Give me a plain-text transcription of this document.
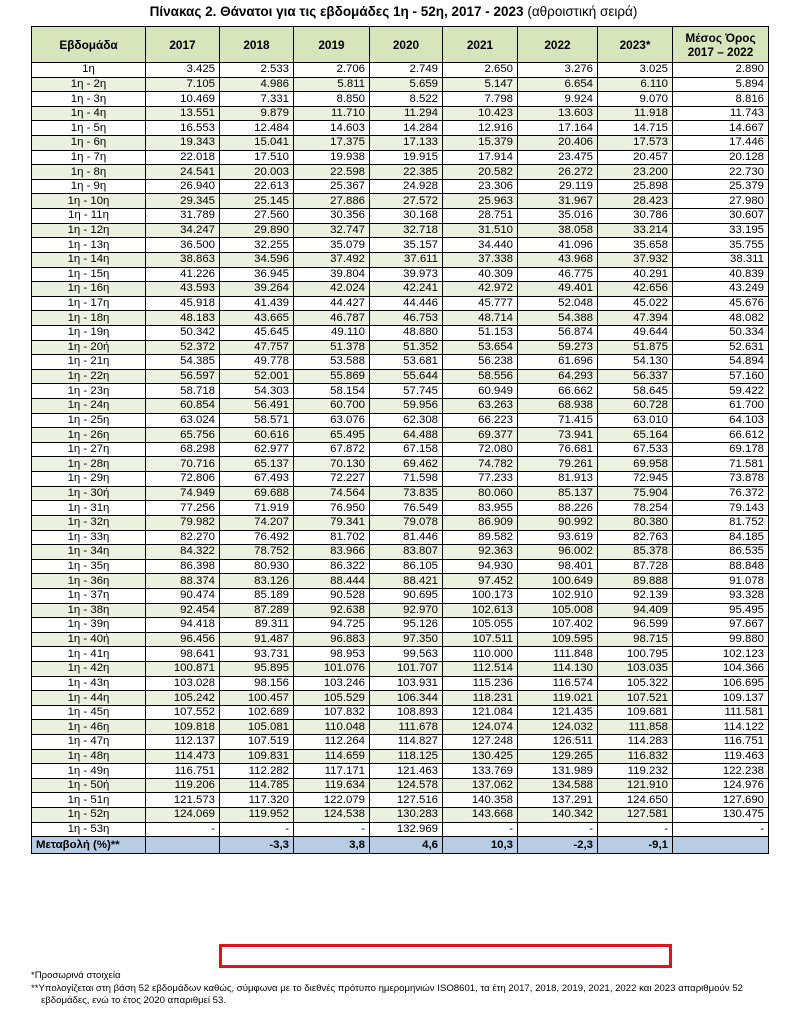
Πίνακας 2. Θάνατοι για τις εβδομάδες 1η - 52η, 2017 - 2023 (αθροιστική σειρά)
Εβδομάδα	2017	2018	2019	2020	2021	2022	2023*	Μέσος Όρος 2017 – 2022
1η	3.425	2.533	2.706	2.749	2.650	3.276	3.025	2.890
1η - 2η	7.105	4.986	5.811	5.659	5.147	6.654	6.110	5.894
1η - 3η	10.469	7.331	8.850	8.522	7.798	9.924	9.070	8.816
1η - 4η	13.551	9.879	11.710	11.294	10.423	13.603	11.918	11.743
1η - 5η	16.553	12.484	14.603	14.284	12.916	17.164	14.715	14.667
1η - 6η	19.343	15.041	17.375	17.133	15.379	20.406	17.573	17.446
1η - 7η	22.018	17.510	19.938	19.915	17.914	23.475	20.457	20.128
1η - 8η	24.541	20.003	22.598	22.385	20.582	26.272	23.200	22.730
1η - 9η	26.940	22.613	25.367	24.928	23.306	29.119	25.898	25.379
1η - 10η	29.345	25.145	27.886	27.572	25.963	31.967	28.423	27.980
1η - 11η	31.789	27.560	30.356	30.168	28.751	35.016	30.786	30.607
1η - 12η	34.247	29.890	32.747	32.718	31.510	38.058	33.214	33.195
1η - 13η	36.500	32.255	35.079	35.157	34.440	41.096	35.658	35.755
1η - 14η	38.863	34.596	37.492	37.611	37.338	43.968	37.932	38.311
1η - 15η	41.226	36.945	39.804	39.973	40.309	46.775	40.291	40.839
1η - 16η	43.593	39.264	42.024	42.241	42.972	49.401	42.656	43.249
1η - 17η	45.918	41.439	44.427	44.446	45.777	52.048	45.022	45.676
1η - 18η	48.183	43.665	46.787	46.753	48.714	54.388	47.394	48.082
1η - 19η	50.342	45.645	49.110	48.880	51.153	56.874	49.644	50.334
1η - 20ή	52.372	47.757	51.378	51.352	53.654	59.273	51.875	52.631
1η - 21η	54.385	49.778	53.588	53.681	56.238	61.696	54.130	54.894
1η - 22η	56.597	52.001	55.869	55.644	58.556	64.293	56.337	57.160
1η - 23η	58.718	54.303	58.154	57.745	60.949	66.662	58.645	59.422
1η - 24η	60.854	56.491	60.700	59.956	63.263	68.938	60.728	61.700
1η - 25η	63.024	58.571	63.076	62.308	66.223	71.415	63.010	64.103
1η - 26η	65.756	60.616	65.495	64.488	69.377	73.941	65.164	66.612
1η - 27η	68.298	62.977	67.872	67.158	72.080	76.681	67.533	69.178
1η - 28η	70.716	65.137	70.130	69.462	74.782	79.261	69.958	71.581
1η - 29η	72.806	67.493	72.227	71.598	77.233	81.913	72.945	73.878
1η - 30ή	74.949	69.688	74.564	73.835	80.060	85.137	75.904	76.372
1η - 31η	77.256	71.919	76.950	76.549	83.955	88.226	78.254	79.143
1η - 32η	79.982	74.207	79.341	79.078	86.909	90.992	80.380	81.752
1η - 33η	82.270	76.492	81.702	81.446	89.582	93.619	82.763	84.185
1η - 34η	84.322	78.752	83.966	83.807	92.363	96.002	85.378	86.535
1η - 35η	86.398	80.930	86.322	86.105	94.930	98.401	87.728	88.848
1η - 36η	88.374	83.126	88.444	88.421	97.452	100.649	89.888	91.078
1η - 37η	90.474	85.189	90.528	90.695	100.173	102.910	92.139	93.328
1η - 38η	92.454	87.289	92.638	92.970	102.613	105.008	94.409	95.495
1η - 39η	94.418	89.311	94.725	95.126	105.055	107.402	96.599	97.667
1η - 40ή	96.456	91.487	96.883	97.350	107.511	109.595	98.715	99.880
1η - 41η	98.641	93.731	98.953	99.563	110.000	111.848	100.795	102.123
1η - 42η	100.871	95.895	101.076	101.707	112.514	114.130	103.035	104.366
1η - 43η	103.028	98.156	103.246	103.931	115.236	116.574	105.322	106.695
1η - 44η	105.242	100.457	105.529	106.344	118.231	119.021	107.521	109.137
1η - 45η	107.552	102.689	107.832	108.893	121.084	121.435	109.681	111.581
1η - 46η	109.818	105.081	110.048	111.678	124.074	124.032	111.858	114.122
1η - 47η	112.137	107.519	112.264	114.827	127.248	126.511	114.283	116.751
1η - 48η	114.473	109.831	114.659	118.125	130.425	129.265	116.832	119.463
1η - 49η	116.751	112.282	117.171	121.463	133.769	131.989	119.232	122.238
1η - 50ή	119.206	114.785	119.634	124.578	137.062	134.588	121.910	124.976
1η - 51η	121.573	117.320	122.079	127.516	140.358	137.291	124.650	127.690
1η - 52η	124.069	119.952	124.538	130.283	143.668	140.342	127.581	130.475
1η - 53η	-	-	-	132.969	-	-	-	-
Μεταβολή (%)**		-3,3	3,8	4,6	10,3	-2,3	-9,1	
*Προσωρινά στοιχεία
**Υπολογίζεται στη βάση 52 εβδομάδων καθώς, σύμφωνα με το διεθνές πρότυπο ημερομηνιών ISO8601, τα έτη 2017, 2018, 2019, 2021, 2022 και 2023 απαριθμούν 52 εβδομάδες, ενώ το έτος 2020 απαριθμεί 53.
